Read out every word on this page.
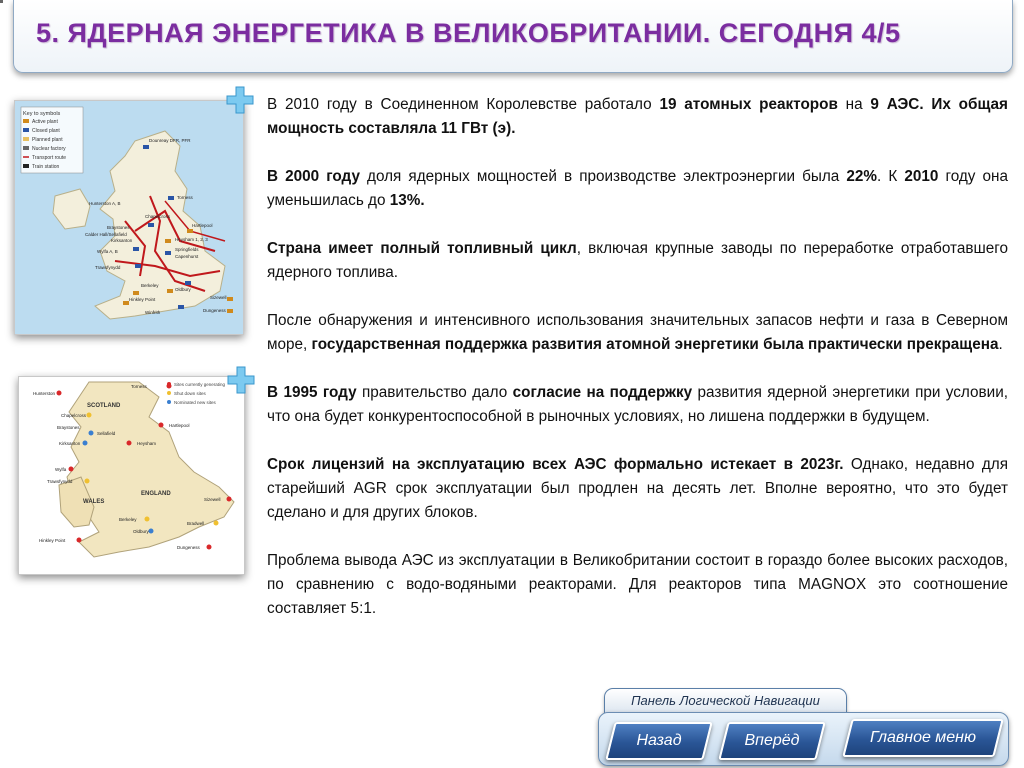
5. ЯДЕРНАЯ ЭНЕРГЕТИКА В ВЕЛИКОБРИТАНИИ. СЕГОДНЯ 4/5
Key to symbols
Active plant
Closed plant
Planned plant
Nuclear factory
Transport route
Train station
Dounreay DFR, PFR
Torness
Hunterston A, B
Chapelcross
Hartlepool
Braystones
Calder Hall/Sellafield
Kirksanton	Heysham 1, 2, 3
Springfields
Capenhurst
Wylfa A, B
Trawsfynydd
Sizewell
Oldbury
Berkeley
Hinkley Point
Winfrith	Dungeness
SCOTLAND
ENGLAND
WALES
Sites currently generating
Shut down sites
Nominated new sites
Torness
Hunterston
Chapelcross
Braystones
Sellafield
Hartlepool
Kirksanton	Heysham
Wylfa
Trawsfynydd
Sizewell
Bradwell
Oldbury
Berkeley
Hinkley Point
Dungeness

В 2010 году в Соединенном Королевстве работало 19 атомных реакторов на 9 АЭС. Их общая мощность составляла 11 ГВт (э).

В 2000 году доля ядерных мощностей в производстве электроэнергии была 22%. К 2010 году она уменьшилась до 13%.

Страна имеет полный топливный цикл, включая крупные заводы по переработке отработавшего ядерного топлива.

После обнаружения и интенсивного использования значительных запасов нефти и газа в Северном море, государственная поддержка развития атомной энергетики была практически прекращена.

В 1995 году правительство дало согласие на поддержку развития ядерной энергетики при условии, что она будет конкурентоспособной в рыночных условиях, но лишена поддержки в будущем.

Срок лицензий на эксплуатацию всех АЭС формально истекает в 2023г. Однако, недавно для старейший AGR срок эксплуатации был продлен на десять лет. Вполне вероятно, что это будет сделано и для других блоков.

Проблема вывода АЭС из эксплуатации в Великобритании состоит в гораздо более высоких расходов, по сравнению с водо-водяными реакторами. Для реакторов типа MAGNOX это соотношение составляет 5:1.

Панель Логической Навигации
Назад	Вперёд	Главное меню
